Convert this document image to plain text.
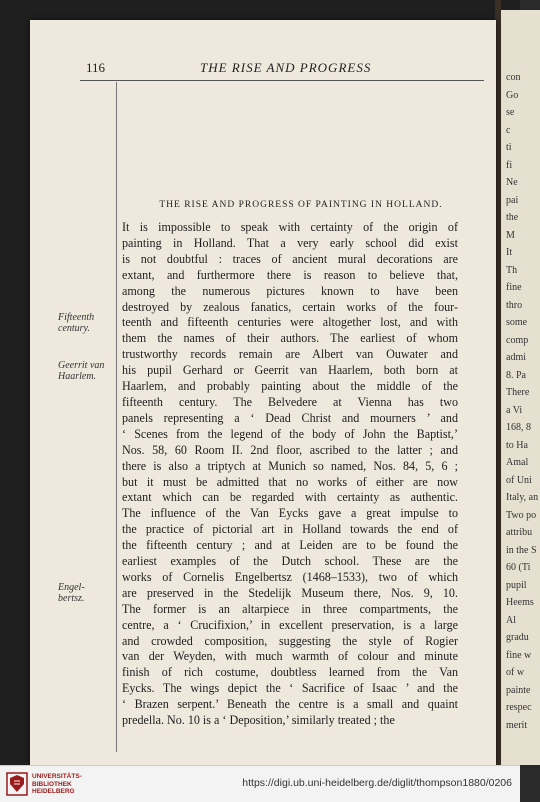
con
Go
se
c
ti
fi
Ne
pai
the
M
It
Th
fine
thro
some
comp
admi
8. Pa
There
a Vi
168, 8
to Ha
Amal
of Uni
Italy, an
Two po
attribu
in the S
60 (Ti
pupil
Heems
Al
gradu
fine w
of w
painte
respec
merit
116	THE RISE AND PROGRESS
THE RISE AND PROGRESS OF PAINTING IN HOLLAND.
Fifteenth
century.
Geerrit van
Haarlem.
Engel-
bertsz.

It is impossible to speak with certainty of the origin of
painting in Holland. That a very early school did exist
is not doubtful : traces of ancient mural decorations are
extant, and furthermore there is reason to believe that,
among the numerous pictures known to have been
destroyed by zealous fanatics, certain works of the four-
teenth and fifteenth centuries were altogether lost, and with
them the names of their authors. The earliest of whom
trustworthy records remain are Albert van Ouwater and
his pupil Gerhard or Geerrit van Haarlem, both born at
Haarlem, and probably painting about the middle of the
fifteenth century. The Belvedere at Vienna has two
panels representing a ‘ Dead Christ and mourners ’ and
‘ Scenes from the legend of the body of John the Baptist,’
Nos. 58, 60 Room II. 2nd floor, ascribed to the latter ; and
there is also a triptych at Munich so named, Nos. 84, 5, 6 ;
but it must be admitted that no works of either are now
extant which can be regarded with certainty as authentic.
The influence of the Van Eycks gave a great impulse to
the practice of pictorial art in Holland towards the end of
the fifteenth century ; and at Leiden are to be found the
earliest examples of the Dutch school. These are the
works of Cornelis Engelbertsz (1468–1533), two of which
are preserved in the Stedelijk Museum there, Nos. 9, 10.
The former is an altarpiece in three compartments, the
centre, a ‘ Crucifixion,’ in excellent preservation, is a large
and crowded composition, suggesting the style of Rogier
van der Weyden, with much warmth of colour and minute
finish of rich costume, doubtless learned from the Van
Eycks. The wings depict the ‘ Sacrifice of Isaac ’ and the
‘ Brazen serpent.’ Beneath the centre is a small and quaint
predella. No. 10 is a ‘ Deposition,’ similarly treated ; the

UNIVERSITÄTS-
BIBLIOTHEK
HEIDELBERG
https://digi.ub.uni-heidelberg.de/diglit/thompson1880/0206
